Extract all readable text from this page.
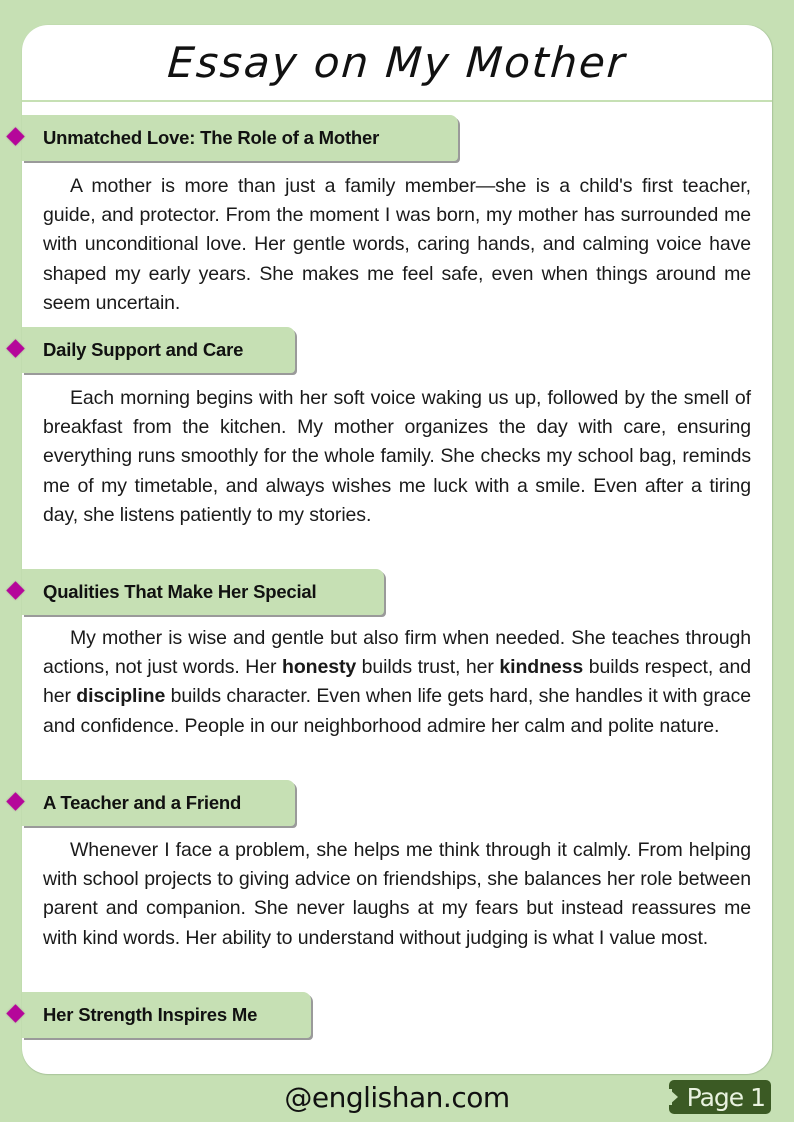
Essay on My Mother
Unmatched Love: The Role of a Mother

A mother is more than just a family member—she is a child's first teacher, guide, and protector. From the moment I was born, my mother has surrounded me with unconditional love. Her gentle words, caring hands, and calming voice have shaped my early years. She makes me feel safe, even when things around me seem uncertain.

Daily Support and Care

Each morning begins with her soft voice waking us up, followed by the smell of breakfast from the kitchen. My mother organizes the day with care, ensuring everything runs smoothly for the whole family. She checks my school bag, reminds me of my timetable, and always wishes me luck with a smile. Even after a tiring day, she listens patiently to my stories.

Qualities That Make Her Special

My mother is wise and gentle but also firm when needed. She teaches through actions, not just words. Her honesty builds trust, her kindness builds respect, and her discipline builds character. Even when life gets hard, she handles it with grace and confidence. People in our neighborhood admire her calm and polite nature.

A Teacher and a Friend

Whenever I face a problem, she helps me think through it calmly. From helping with school projects to giving advice on friendships, she balances her role between parent and companion. She never laughs at my fears but instead reassures me with kind words. Her ability to understand without judging is what I value most.

Her Strength Inspires Me
@englishan.com	Page 1
